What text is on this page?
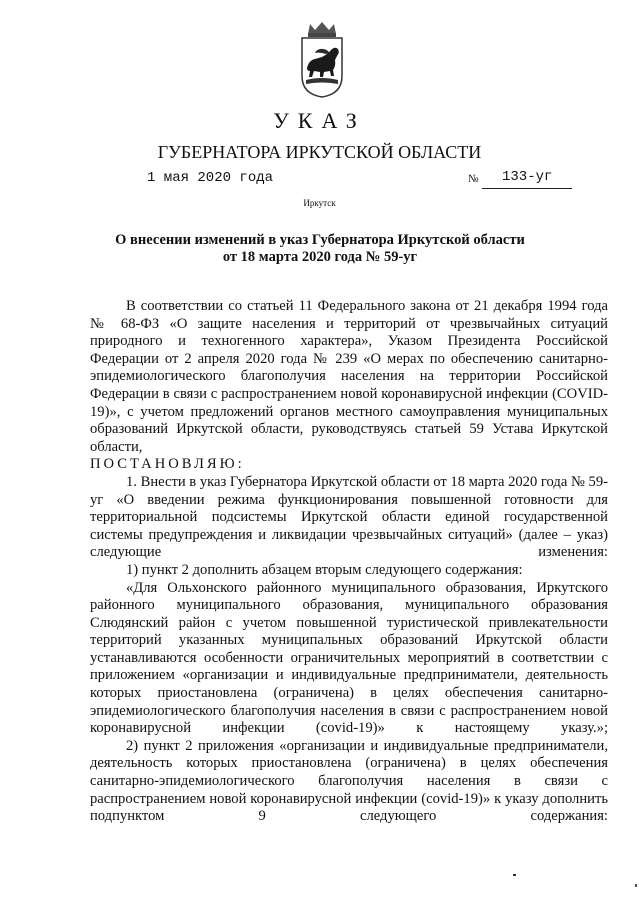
УКАЗ
ГУБЕРНАТОРА ИРКУТСКОЙ ОБЛАСТИ
1 мая 2020 года	№ 133-уг
Иркутск
О внесении изменений в указ Губернатора Иркутской области
от 18 марта 2020 года № 59-уг

В соответствии со статьей 11 Федерального закона от 21 декабря 1994 года № 68-ФЗ «О защите населения и территорий от чрезвычайных ситуаций природного и техногенного характера», Указом Президента Российской Федерации от 2 апреля 2020 года № 239 «О мерах по обеспечению санитарно-эпидемиологического благополучия населения на территории Российской Федерации в связи с распространением новой коронавирусной инфекции (COVID-19)», с учетом предложений органов местного самоуправления муниципальных образований Иркутской области, руководствуясь статьей 59 Устава Иркутской области,

ПОСТАНОВЛЯЮ:

1. Внести в указ Губернатора Иркутской области от 18 марта 2020 года № 59-уг «О введении режима функционирования повышенной готовности для территориальной подсистемы Иркутской области единой государственной системы предупреждения и ликвидации чрезвычайных ситуаций» (далее – указ) следующие изменения:

1) пункт 2 дополнить абзацем вторым следующего содержания:

«Для Ольхонского районного муниципального образования, Иркутского районного муниципального образования, муниципального образования Слюдянский район с учетом повышенной туристической привлекательности территорий указанных муниципальных образований Иркутской области устанавливаются особенности ограничительных мероприятий в соответствии с приложением «организации и индивидуальные предприниматели, деятельность которых приостановлена (ограничена) в целях обеспечения санитарно-эпидемиологического благополучия населения в связи с распространением новой коронавирусной инфекции (covid-19)» к настоящему указу.»;

2) пункт 2 приложения «организации и индивидуальные предприниматели, деятельность которых приостановлена (ограничена) в целях обеспечения санитарно-эпидемиологического благополучия населения в связи с распространением новой коронавирусной инфекции (covid-19)» к указу дополнить подпунктом 9 следующего содержания:
